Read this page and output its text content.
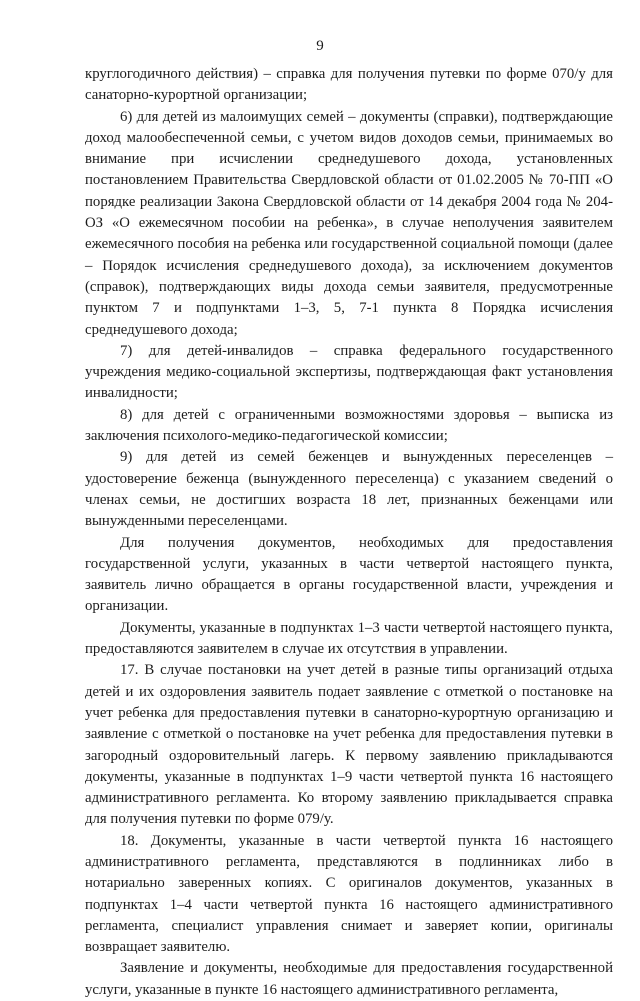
9

круглогодичного действия) – справка для получения путевки по форме 070/у для санаторно-курортной организации;

6) для детей из малоимущих семей – документы (справки), подтверждающие доход малообеспеченной семьи, с учетом видов доходов семьи, принимаемых во внимание при исчислении среднедушевого дохода, установленных постановлением Правительства Свердловской области от 01.02.2005 № 70-ПП «О порядке реализации Закона Свердловской области от 14 декабря 2004 года № 204-ОЗ «О ежемесячном пособии на ребенка», в случае неполучения заявителем ежемесячного пособия на ребенка или государственной социальной помощи (далее – Порядок исчисления среднедушевого дохода), за исключением документов (справок), подтверждающих виды дохода семьи заявителя, предусмотренные пунктом 7 и подпунктами 1–3, 5, 7-1 пункта 8 Порядка исчисления среднедушевого дохода;

7) для детей-инвалидов – справка федерального государственного учреждения медико-социальной экспертизы, подтверждающая факт установления инвалидности;

8) для детей с ограниченными возможностями здоровья – выписка из заключения психолого-медико-педагогической комиссии;

9) для детей из семей беженцев и вынужденных переселенцев – удостоверение беженца (вынужденного переселенца) с указанием сведений о членах семьи, не достигших возраста 18 лет, признанных беженцами или вынужденными переселенцами.

Для получения документов, необходимых для предоставления государственной услуги, указанных в части четвертой настоящего пункта, заявитель лично обращается в органы государственной власти, учреждения и организации.

Документы, указанные в подпунктах 1–3 части четвертой настоящего пункта, предоставляются заявителем в случае их отсутствия в управлении.

17. В случае постановки на учет детей в разные типы организаций отдыха детей и их оздоровления заявитель подает заявление с отметкой о постановке на учет ребенка для предоставления путевки в санаторно-курортную организацию и заявление с отметкой о постановке на учет ребенка для предоставления путевки в загородный оздоровительный лагерь. К первому заявлению прикладываются документы, указанные в подпунктах 1–9 части четвертой пункта 16 настоящего административного регламента. Ко второму заявлению прикладывается справка для получения путевки по форме 079/у.

18. Документы, указанные в части четвертой пункта 16 настоящего административного регламента, представляются в подлинниках либо в нотариально заверенных копиях. С оригиналов документов, указанных в подпунктах 1–4 части четвертой пункта 16 настоящего административного регламента, специалист управления снимает и заверяет копии, оригиналы возвращает заявителю.

Заявление и документы, необходимые для предоставления государственной услуги, указанные в пункте 16 настоящего административного регламента,
